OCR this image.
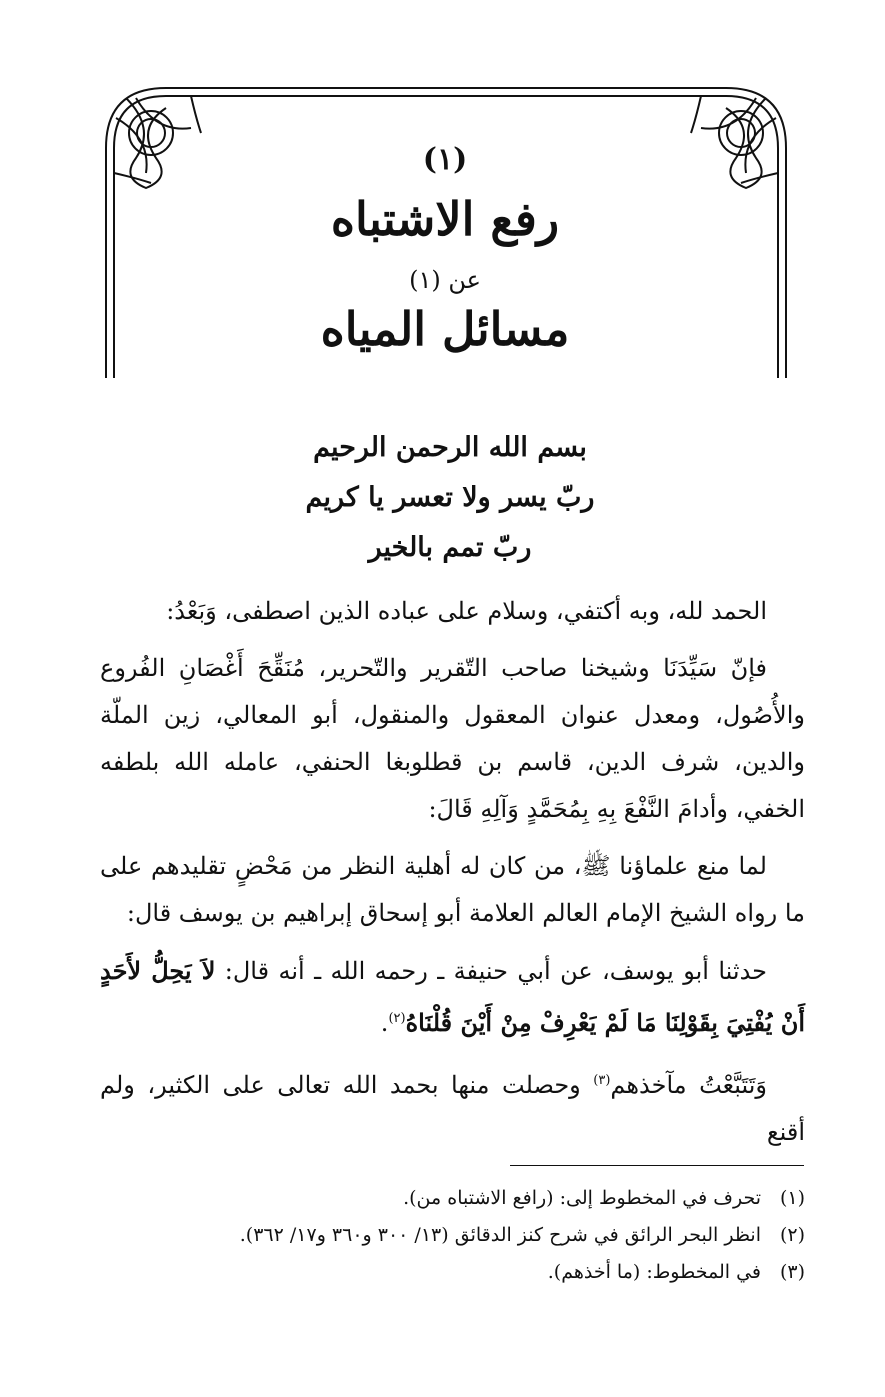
(١)
رفع الاشتباه
عن (١)
مسائل المياه
بسم الله الرحمن الرحيم
ربّ يسر ولا تعسر يا كريم
ربّ تمم بالخير

الحمد لله، وبه أكتفي، وسلام على عباده الذين اصطفى، وَبَعْدُ:

فإنّ سَيِّدَنَا وشيخنا صاحب التّقرير والتّحرير، مُنَقِّحَ أَغْصَانِ الفُروع والأُصُول، ومعدل عنوان المعقول والمنقول، أبو المعالي، زين الملّة والدين، شرف الدين، قاسم بن قطلوبغا الحنفي، عامله الله بلطفه الخفي، وأدامَ النَّفْعَ بِهِ بِمُحَمَّدٍ وَآلِهِ قَالَ:

لما منع علماؤنا ﷺ، من كان له أهلية النظر من مَحْضٍ تقليدهم على ما رواه الشيخ الإمام العالم العلامة أبو إسحاق إبراهيم بن يوسف قال:

حدثنا أبو يوسف، عن أبي حنيفة ـ رحمه الله ـ أنه قال: لاَ يَحِلُّ لأَحَدٍ أَنْ يُفْتِيَ بِقَوْلِنَا مَا لَمْ يَعْرِفْ مِنْ أَيْنَ قُلْنَاهُ$^{(٢)}$.

وَتَتَبَّعْتُ مآخذهم$^{(٣)}$ وحصلت منها بحمد الله تعالى على الكثير، ولم أقنع

(١)تحرف في المخطوط إلى: (رافع الاشتباه من).
(٢)انظر البحر الرائق في شرح كنز الدقائق (١٣/ ٣٠٠ و٣٦٠ و١٧/ ٣٦٢).
(٣)في المخطوط: (ما أخذهم).
